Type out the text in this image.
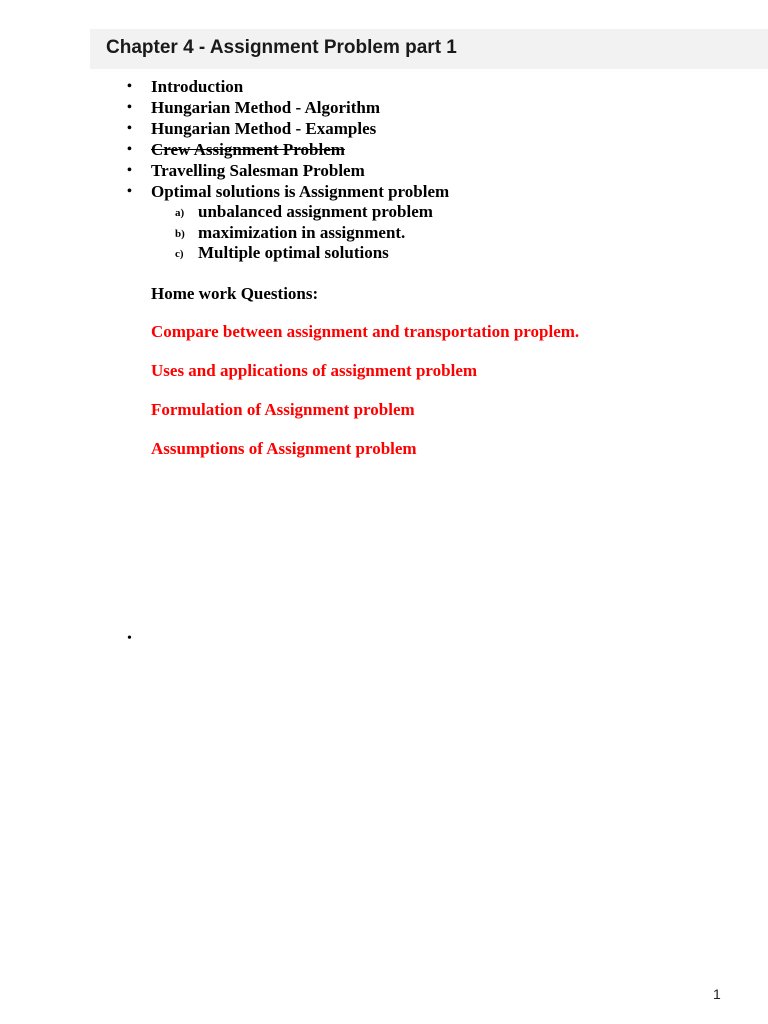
Chapter 4 - Assignment Problem part 1
• Introduction
• Hungarian Method - Algorithm
• Hungarian Method - Examples
• Crew Assignment Problem
• Travelling Salesman Problem
• Optimal solutions is Assignment problem
a) unbalanced assignment problem
b) maximization in assignment.
c) Multiple optimal solutions
Home work Questions:
Compare between assignment and transportation proplem.
Uses and applications of assignment problem
Formulation of Assignment problem
Assumptions of Assignment problem
•
1
